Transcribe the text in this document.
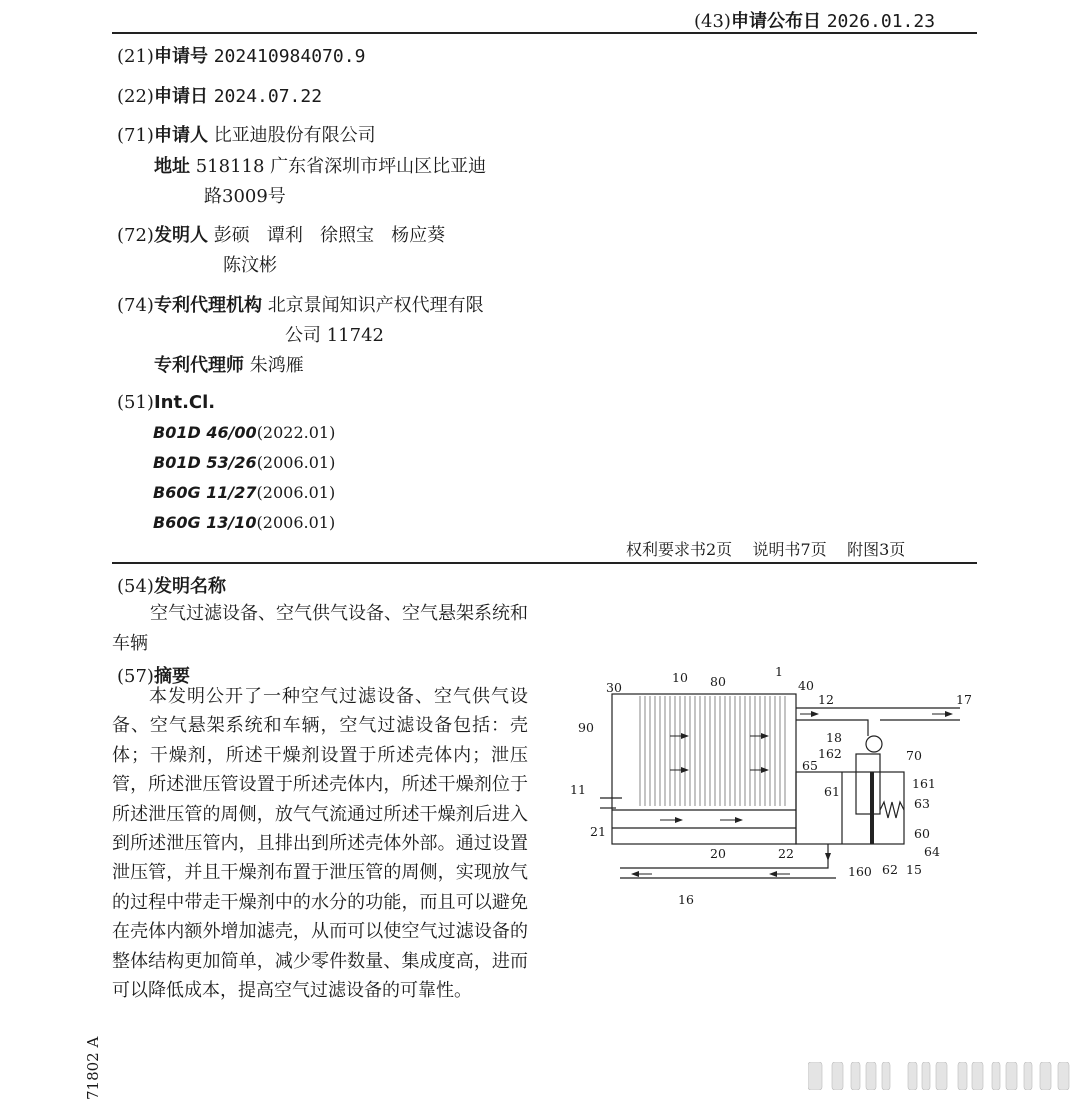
(43)申请公布日 2026.01.23
(21)申请号 202410984070.9
(22)申请日 2024.07.22
(71)申请人 比亚迪股份有限公司
地址 518118 广东省深圳市坪山区比亚迪
路3009号
(72)发明人 彭硕   谭利   徐照宝   杨应葵
陈汶彬
(74)专利代理机构 北京景闻知识产权代理有限
公司 11742
专利代理师 朱鸿雁
(51)Int.Cl.
B01D 46/00(2022.01)
B01D 53/26(2006.01)
B60G 11/27(2006.01)
B60G 13/10(2006.01)
权利要求书2页 说明书7页 附图3页
(54)发明名称
空气过滤设备、空气供气设备、空气悬架系统和车辆
(57)摘要
本发明公开了一种空气过滤设备、空气供气设备、空气悬架系统和车辆，空气过滤设备包括：壳体；干燥剂，所述干燥剂设置于所述壳体内；泄压管，所述泄压管设置于所述壳体内，所述干燥剂位于所述泄压管的周侧，放气气流通过所述干燥剂后进入到所述泄压管内，且排出到所述壳体外部。通过设置泄压管，并且干燥剂布置于泄压管的周侧，实现放气的过程中带走干燥剂中的水分的功能，而且可以避免在壳体内额外增加滤壳，从而可以使空气过滤设备的整体结构更加简单，减少零件数量、集成度高，进而可以降低成本，提高空气过滤设备的可靠性。
71802 A
1
10 80
30	40
12	17
90
18
70
162
65
161
11	61
63
21	60
20	22	64
160 62 15
16
